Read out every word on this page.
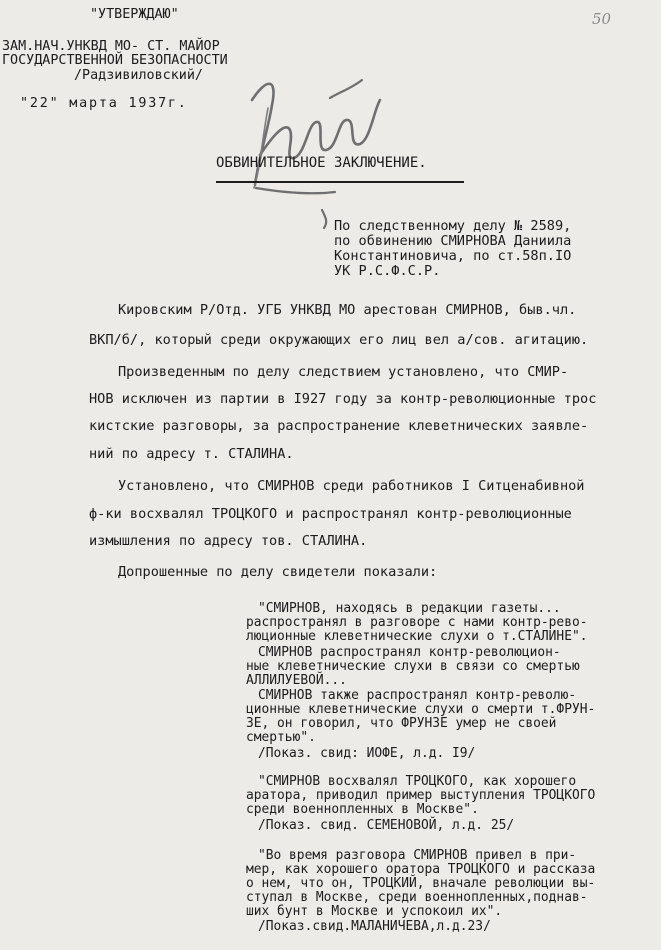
50
"УТВЕРЖДАЮ"
ЗАМ.НАЧ.УНКВД МО- СТ. МАЙОР
ГОСУДАРСТВЕННОЙ БЕЗОПАСНОСТИ
/Радзивиловский/
"22" марта 1937г.
ОБВИНИТЕЛЬНОЕ ЗАКЛЮЧЕНИЕ.
По следственному делу № 2589,
по обвинению СМИРНОВА Даниила
Константиновича, по ст.58п.IO
УК Р.С.Ф.С.Р.
Кировским Р/Отд. УГБ УНКВД МО арестован СМИРНОВ, быв.чл.
ВКП/б/, который среди окружающих его лиц вел а/сов. агитацию.
Произведенным по делу следствием установлено, что СМИР-
НОВ исключен из партии в I927 году за контр-революционные трос
кистские разговоры, за распространение клеветнических заявле-
ний по адресу т. СТАЛИНА.
Установлено, что СМИРНОВ среди работников I Ситценабивной
ф-ки восхвалял ТРОЦКОГО и распространял контр-революционные
измышления по адресу тов. СТАЛИНА.
Допрошенные по делу свидетели показали:
"СМИРНОВ, находясь в редакции газеты...
распространял в разговоре с нами контр-рево-
люционные клеветнические слухи о т.СТАЛИНЕ".
СМИРНОВ распространял контр-революцион-
ные клеветнические слухи в связи со смертью
АЛЛИЛУЕВОЙ...
СМИРНОВ также распространял контр-револю-
ционные клеветнические слухи о смерти т.ФРУН-
ЗЕ, он говорил, что ФРУНЗЕ умер не своей
смертью".
/Показ. свид: ИОФЕ, л.д. I9/
"СМИРНОВ восхвалял ТРОЦКОГО, как хорошего
аратора, приводил пример выступления ТРОЦКОГО
среди военнопленных в Москве".
/Показ. свид. СЕМЕНОВОЙ, л.д. 25/
"Во время разговора СМИРНОВ привел в при-
мер, как хорошего оратора ТРОЦКОГО и рассказа
о нем, что он, ТРОЦКИЙ, вначале революции вы-
ступал в Москве, среди военнопленных,поднав-
ших бунт в Москве и успокоил их".
/Показ.свид.МАЛАНИЧЕВА,л.д.23/
